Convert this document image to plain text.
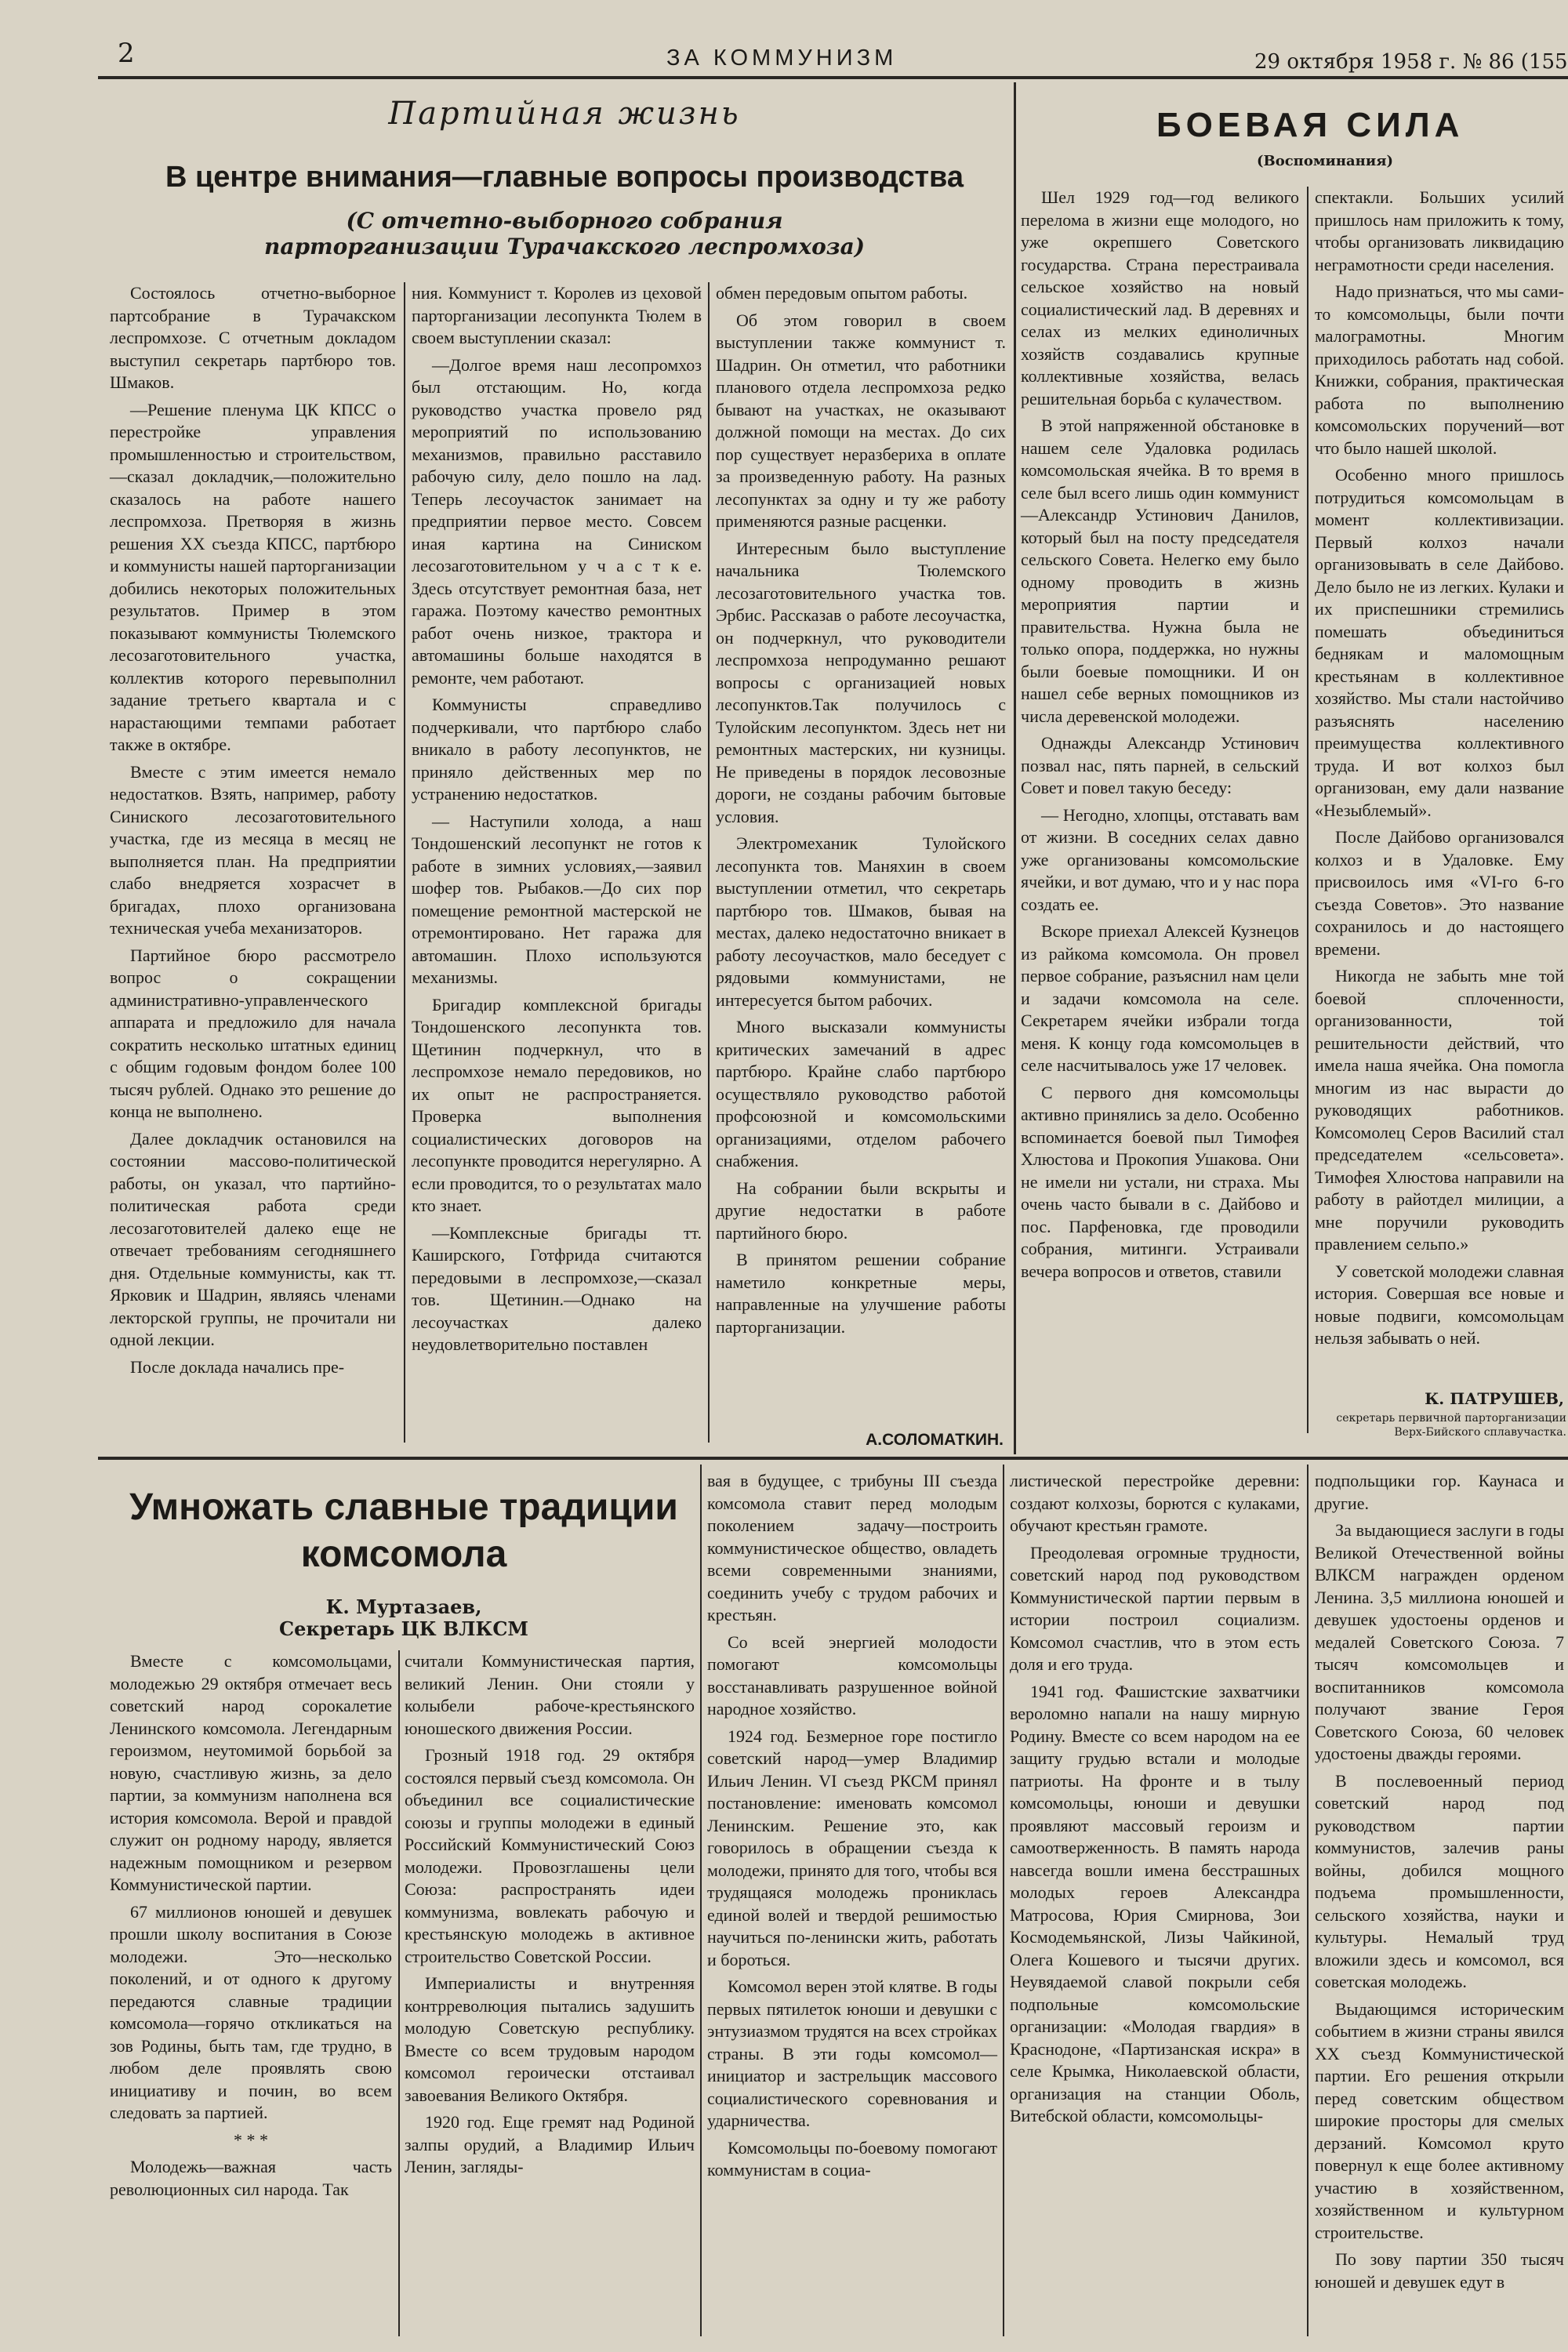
2	ЗА КОММУНИЗМ	29 октября 1958 г. № 86 (155
Партийная жизнь
В центре внимания—главные вопросы производства
(С отчетно-выборного собрания парторганизации Турачакского леспромхоза)

Состоялось отчетно-выборное партсобрание в Турачакском леспромхозе. С отчетным докладом выступил секретарь партбюро тов. Шмаков.

—Решение пленума ЦК КПСС о перестройке управления промышленностью и строительством,—сказал докладчик,—положительно сказалось на работе нашего леспромхоза. Претворяя в жизнь решения XX съезда КПСС, партбюро и коммунисты нашей парторганизации добились некоторых положительных результатов. Пример в этом показывают коммунисты Тюлемского лесозаготовительного участка, коллектив которого перевыполнил задание третьего квартала и с нарастающими темпами работает также в октябре.

Вместе с этим имеется немало недостатков. Взять, например, работу Синиского лесозаготовительного участка, где из месяца в месяц не выполняется план. На предприятии слабо внедряется хозрасчет в бригадах, плохо организована техническая учеба механизаторов.

Партийное бюро рассмотрело вопрос о сокращении административно-управленческого аппарата и предложило для начала сократить несколько штатных единиц с общим годовым фондом более 100 тысяч рублей. Однако это решение до конца не выполнено.

Далее докладчик остановился на состоянии массово-политической работы, он указал, что партийно-политическая работа среди лесозаготовителей далеко еще не отвечает требованиям сегодняшнего дня. Отдельные коммунисты, как тт. Ярковик и Шадрин, являясь членами лекторской группы, не прочитали ни одной лекции.

После доклада начались пре-

ния. Коммунист т. Королев из цеховой парторганизации лесопункта Тюлем в своем выступлении сказал:

—Долгое время наш лесопромхоз был отстающим. Но, когда руководство участка провело ряд мероприятий по использованию механизмов, правильно расставило рабочую силу, дело пошло на лад. Теперь лесоучасток занимает на предприятии первое место. Совсем иная картина на Синиском лесозаготовительном у ч а с т к е. Здесь отсутствует ремонтная база, нет гаража. Поэтому качество ремонтных работ очень низкое, трактора и автомашины больше находятся в ремонте, чем работают.

Коммунисты справедливо подчеркивали, что партбюро слабо вникало в работу лесопунктов, не приняло действенных мер по устранению недостатков.

— Наступили холода, а наш Тондошенский лесопункт не готов к работе в зимних условиях,—заявил шофер тов. Рыбаков.—До сих пор помещение ремонтной мастерской не отремонтировано. Нет гаража для автомашин. Плохо используются механизмы.

Бригадир комплексной бригады Тондошенского лесопункта тов. Щетинин подчеркнул, что в леспромхозе немало передовиков, но их опыт не распространяется. Проверка выполнения социалистических договоров на лесопункте проводится нерегулярно. А если проводится, то о результатах мало кто знает.

—Комплексные бригады тт. Каширского, Готфрида считаются передовыми в леспромхозе,—сказал тов. Щетинин.—Однако на лесоучастках далеко неудовлетворительно поставлен

обмен передовым опытом работы.

Об этом говорил в своем выступлении также коммунист т. Шадрин. Он отметил, что работники планового отдела леспромхоза редко бывают на участках, не оказывают должной помощи на местах. До сих пор существует неразбериха в оплате за произведенную работу. На разных лесопунктах за одну и ту же работу применяются разные расценки.

Интересным было выступление начальника Тюлемского лесозаготовительного участка тов. Эрбис. Рассказав о работе лесоучастка, он подчеркнул, что руководители леспромхоза непродуманно решают вопросы с организацией новых лесопунктов.Так получилось с Тулойским лесопунктом. Здесь нет ни ремонтных мастерских, ни кузницы. Не приведены в порядок лесовозные дороги, не созданы рабочим бытовые условия.

Электромеханик Тулойского лесопункта тов. Маняхин в своем выступлении отметил, что секретарь партбюро тов. Шмаков, бывая на местах, далеко недостаточно вникает в работу лесоучастков, мало беседует с рядовыми коммунистами, не интересуется бытом рабочих.

Много высказали коммунисты критических замечаний в адрес партбюро. Крайне слабо партбюро осуществляло руководство работой профсоюзной и комсомольскими организациями, отделом рабочего снабжения.

На собрании были вскрыты и другие недостатки в работе партийного бюро.

В принятом решении собрание наметило конкретные меры, направленные на улучшение работы парторганизации.

А.СОЛОМАТКИН.
БОЕВАЯ СИЛА
(Воспоминания)

Шел 1929 год—год великого перелома в жизни еще молодого, но уже окрепшего Советского государства. Страна перестраивала сельское хозяйство на новый социалистический лад. В деревнях и селах из мелких единоличных хозяйств создавались крупные коллективные хозяйства, велась решительная борьба с кулачеством.

В этой напряженной обстановке в нашем селе Удаловка родилась комсомольская ячейка. В то время в селе был всего лишь один коммунист—Александр Устинович Данилов, который был на посту председателя сельского Совета. Нелегко ему было одному проводить в жизнь мероприятия партии и правительства. Нужна была не только опора, поддержка, но нужны были боевые помощники. И он нашел себе верных помощников из числа деревенской молодежи.

Однажды Александр Устинович позвал нас, пять парней, в сельский Совет и повел такую беседу:

— Негодно, хлопцы, отставать вам от жизни. В соседних селах давно уже организованы комсомольские ячейки, и вот думаю, что и у нас пора создать ее.

Вскоре приехал Алексей Кузнецов из райкома комсомола. Он провел первое собрание, разъяснил нам цели и задачи комсомола на селе. Секретарем ячейки избрали тогда меня. К концу года комсомольцев в селе насчитывалось уже 17 человек.

С первого дня комсомольцы активно принялись за дело. Особенно вспоминается боевой пыл Тимофея Хлюстова и Прокопия Ушакова. Они не имели ни устали, ни страха. Мы очень часто бывали в с. Дайбово и пос. Парфеновка, где проводили собрания, митинги. Устраивали вечера вопросов и ответов, ставили

спектакли. Больших усилий пришлось нам приложить к тому, чтобы организовать ликвидацию неграмотности среди населения.

Надо признаться, что мы сами-то комсомольцы, были почти малограмотны. Многим приходилось работать над собой. Книжки, собрания, практическая работа по выполнению комсомольских поручений—вот что было нашей школой.

Особенно много пришлось потрудиться комсомольцам в момент коллективизации. Первый колхоз начали организовывать в селе Дайбово. Дело было не из легких. Кулаки и их приспешники стремились помешать объединиться беднякам и маломощным крестьянам в коллективное хозяйство. Мы стали настойчиво разъяснять населению преимущества коллективного труда. И вот колхоз был организован, ему дали название «Незыблемый».

После Дайбово организовался колхоз и в Удаловке. Ему присвоилось имя «VI-го 6-го съезда Советов». Это название сохранилось и до настоящего времени.

Никогда не забыть мне той боевой сплоченности, организованности, той решительности действий, что имела наша ячейка. Она помогла многим из нас вырасти до руководящих работников. Комсомолец Серов Василий стал председателем «сельсовета». Тимофея Хлюстова направили на работу в райотдел милиции, а мне поручили руководить правлением сельпо.»

У советской молодежи славная история. Совершая все новые и новые подвиги, комсомольцам нельзя забывать о ней.

К. ПАТРУШЕВ,
секретарь первичной парторганизации Верх-Бийского сплавучастка.
Умножать славные традиции
комсомола
К. Муртазаев,
Секретарь ЦК ВЛКСМ

Вместе с комсомольцами, молодежью 29 октября отмечает весь советский народ сорокалетие Ленинского комсомола. Легендарным героизмом, неутомимой борьбой за новую, счастливую жизнь, за дело партии, за коммунизм наполнена вся история комсомола. Верой и правдой служит он родному народу, является надежным помощником и резервом Коммунистической партии.

67 миллионов юношей и девушек прошли школу воспитания в Союзе молодежи. Это—несколько поколений, и от одного к другому передаются славные традиции комсомола—горячо откликаться на зов Родины, быть там, где трудно, в любом деле проявлять свою инициативу и почин, во всем следовать за партией.

* * *

Молодежь—важная часть революционных сил народа. Так

считали Коммунистическая партия, великий Ленин. Они стояли у колыбели рабоче-крестьянского юношеского движения России.

Грозный 1918 год. 29 октября состоялся первый съезд комсомола. Он объединил все социалистические союзы и группы молодежи в единый Российский Коммунистический Союз молодежи. Провозглашены цели Союза: распространять идеи коммунизма, вовлекать рабочую и крестьянскую молодежь в активное строительство Советской России.

Империалисты и внутренняя контрреволюция пытались задушить молодую Советскую республику. Вместе со всем трудовым народом комсомол героически отстаивал завоевания Великого Октября.

1920 год. Еще гремят над Родиной залпы орудий, а Владимир Ильич Ленин, загляды-

вая в будущее, с трибуны III съезда комсомола ставит перед молодым поколением задачу—построить коммунистическое общество, овладеть всеми современными знаниями, соединить учебу с трудом рабочих и крестьян.

Со всей энергией молодости помогают комсомольцы восстанавливать разрушенное войной народное хозяйство.

1924 год. Безмерное горе постигло советский народ—умер Владимир Ильич Ленин. VI съезд РКСМ принял постановление: именовать комсомол Ленинским. Решение это, как говорилось в обращении съезда к молодежи, принято для того, чтобы вся трудящаяся молодежь прониклась единой волей и твердой решимостью научиться по-ленински жить, работать и бороться.

Комсомол верен этой клятве. В годы первых пятилеток юноши и девушки с энтузиазмом трудятся на всех стройках страны. В эти годы комсомол—инициатор и застрельщик массового социалистического соревнования и ударничества.

Комсомольцы по-боевому помогают коммунистам в социа-

листической перестройке деревни: создают колхозы, борются с кулаками, обучают крестьян грамоте.

Преодолевая огромные трудности, советский народ под руководством Коммунистической партии первым в истории построил социализм. Комсомол счастлив, что в этом есть доля и его труда.

1941 год. Фашистские захватчики вероломно напали на нашу мирную Родину. Вместе со всем народом на ее защиту грудью встали и молодые патриоты. На фронте и в тылу комсомольцы, юноши и девушки проявляют массовый героизм и самоотверженность. В память народа навсегда вошли имена бесстрашных молодых героев Александра Матросова, Юрия Смирнова, Зои Космодемьянской, Лизы Чайкиной, Олега Кошевого и тысячи других. Неувядаемой славой покрыли себя подпольные комсомольские организации: «Молодая гвардия» в Краснодоне, «Партизанская искра» в селе Крымка, Николаевской области, организация на станции Оболь, Витебской области, комсомольцы-

подпольщики гор. Каунаса и другие.

За выдающиеся заслуги в годы Великой Отечественной войны ВЛКСМ награжден орденом Ленина. 3,5 миллиона юношей и девушек удостоены орденов и медалей Советского Союза. 7 тысяч комсомольцев и воспитанников комсомола получают звание Героя Советского Союза, 60 человек удостоены дважды героями.

В послевоенный период советский народ под руководством партии коммунистов, залечив раны войны, добился мощного подъема промышленности, сельского хозяйства, науки и культуры. Немалый труд вложили здесь и комсомол, вся советская молодежь.

Выдающимся историческим событием в жизни страны явился XX съезд Коммунистической партии. Его решения открыли перед советским обществом широкие просторы для смелых дерзаний. Комсомол круто повернул к еще более активному участию в хозяйственном, хозяйственном и культурном строительстве.

По зову партии 350 тысяч юношей и девушек едут в
